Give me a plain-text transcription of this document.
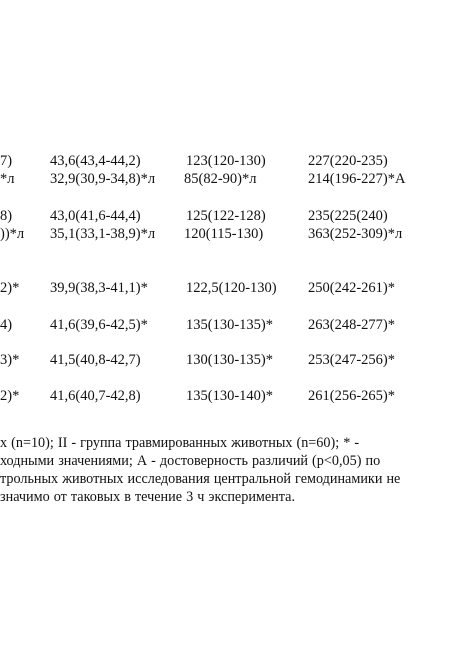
7)	43,6(43,4-44,2)	123(120-130)	227(220-235)
*л 32,9(30,9-34,8)*л 85(82-90)*л	214(196-227)*А
8)	43,0(41,6-44,4)	125(122-128)	235(225(240)
))*л 35,1(33,1-38,9)*л 120(115-130)	363(252-309)*л
2)* 39,9(38,3-41,1)*	122,5(120-130) 250(242-261)*
4)	41,6(39,6-42,5)*	135(130-135)* 263(248-277)*
3)* 41,5(40,8-42,7)	130(130-135)* 253(247-256)*
2)* 41,6(40,7-42,8)	135(130-140)* 261(256-265)*
х (n=10); II - группа травмированных животных (n=60); * -
ходными значениями; А - достоверность различий (p<0,05) по
трольных животных исследования центральной гемодинамики не
значимо от таковых в течение 3 ч эксперимента.
